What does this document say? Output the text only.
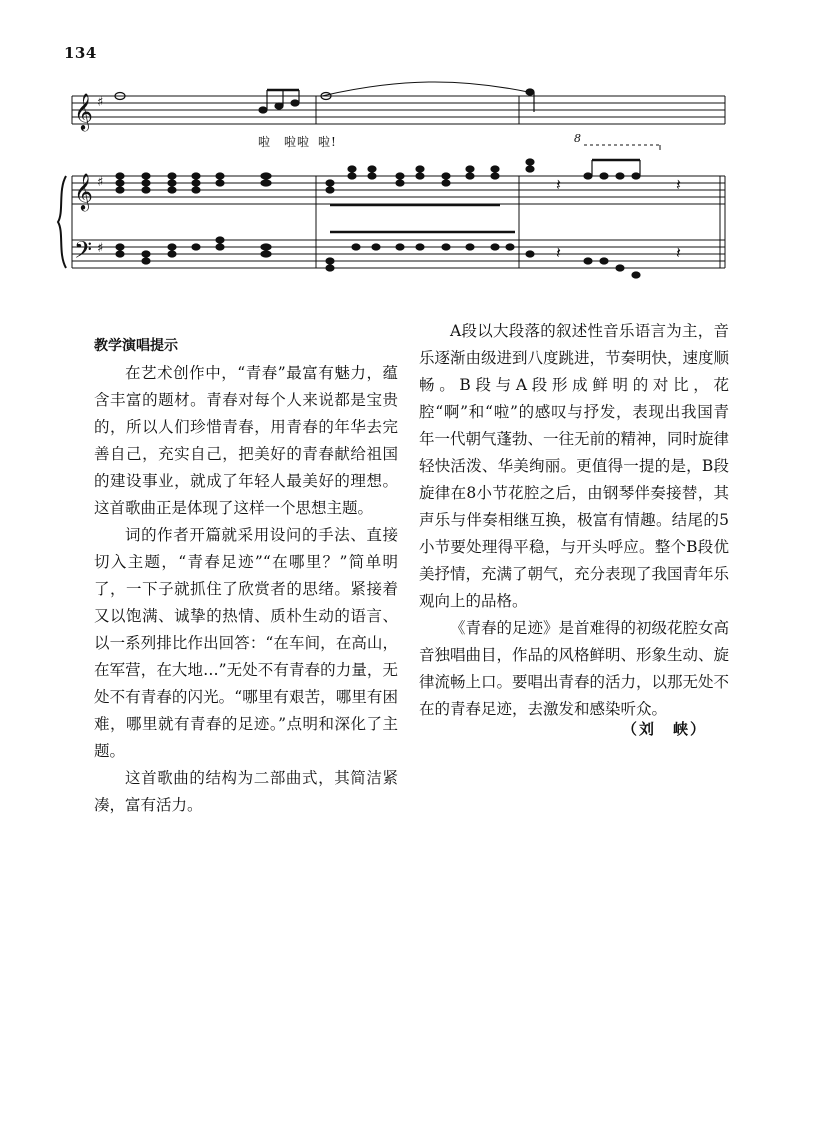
134
𝄞
𝄞
𝄢
♯
♯
♯
𝄽	𝄽
𝄽	𝄽
啦 啦啦 啦!	8
教学演唱提示

在艺术创作中，“青春”最富有魅力，蕴含丰富的题材。青春对每个人来说都是宝贵的，所以人们珍惜青春，用青春的年华去完善自己，充实自己，把美好的青春献给祖国的建设事业，就成了年轻人最美好的理想。这首歌曲正是体现了这样一个思想主题。

词的作者开篇就采用设问的手法、直接切入主题，“青春足迹”“在哪里？”简单明了，一下子就抓住了欣赏者的思绪。紧接着又以饱满、诚挚的热情、质朴生动的语言、以一系列排比作出回答：“在车间，在高山，在军营，在大地…”无处不有青春的力量，无处不有青春的闪光。“哪里有艰苦，哪里有困难，哪里就有青春的足迹。”点明和深化了主题。

这首歌曲的结构为二部曲式，其简洁紧凑，富有活力。

A段以大段落的叙述性音乐语言为主，音乐逐渐由级进到八度跳进，节奏明快，速度顺畅。B段与A段形成鲜明的对比，花腔“啊”和“啦”的感叹与抒发，表现出我国青年一代朝气蓬勃、一往无前的精神，同时旋律轻快活泼、华美绚丽。更值得一提的是，B段旋律在8小节花腔之后，由钢琴伴奏接替，其声乐与伴奏相继互换，极富有情趣。结尾的5小节要处理得平稳，与开头呼应。整个B段优美抒情，充满了朝气，充分表现了我国青年乐观向上的品格。

《青春的足迹》是首难得的初级花腔女高音独唱曲目，作品的风格鲜明、形象生动、旋律流畅上口。要唱出青春的活力，以那无处不在的青春足迹，去激发和感染听众。

（刘　峡）
